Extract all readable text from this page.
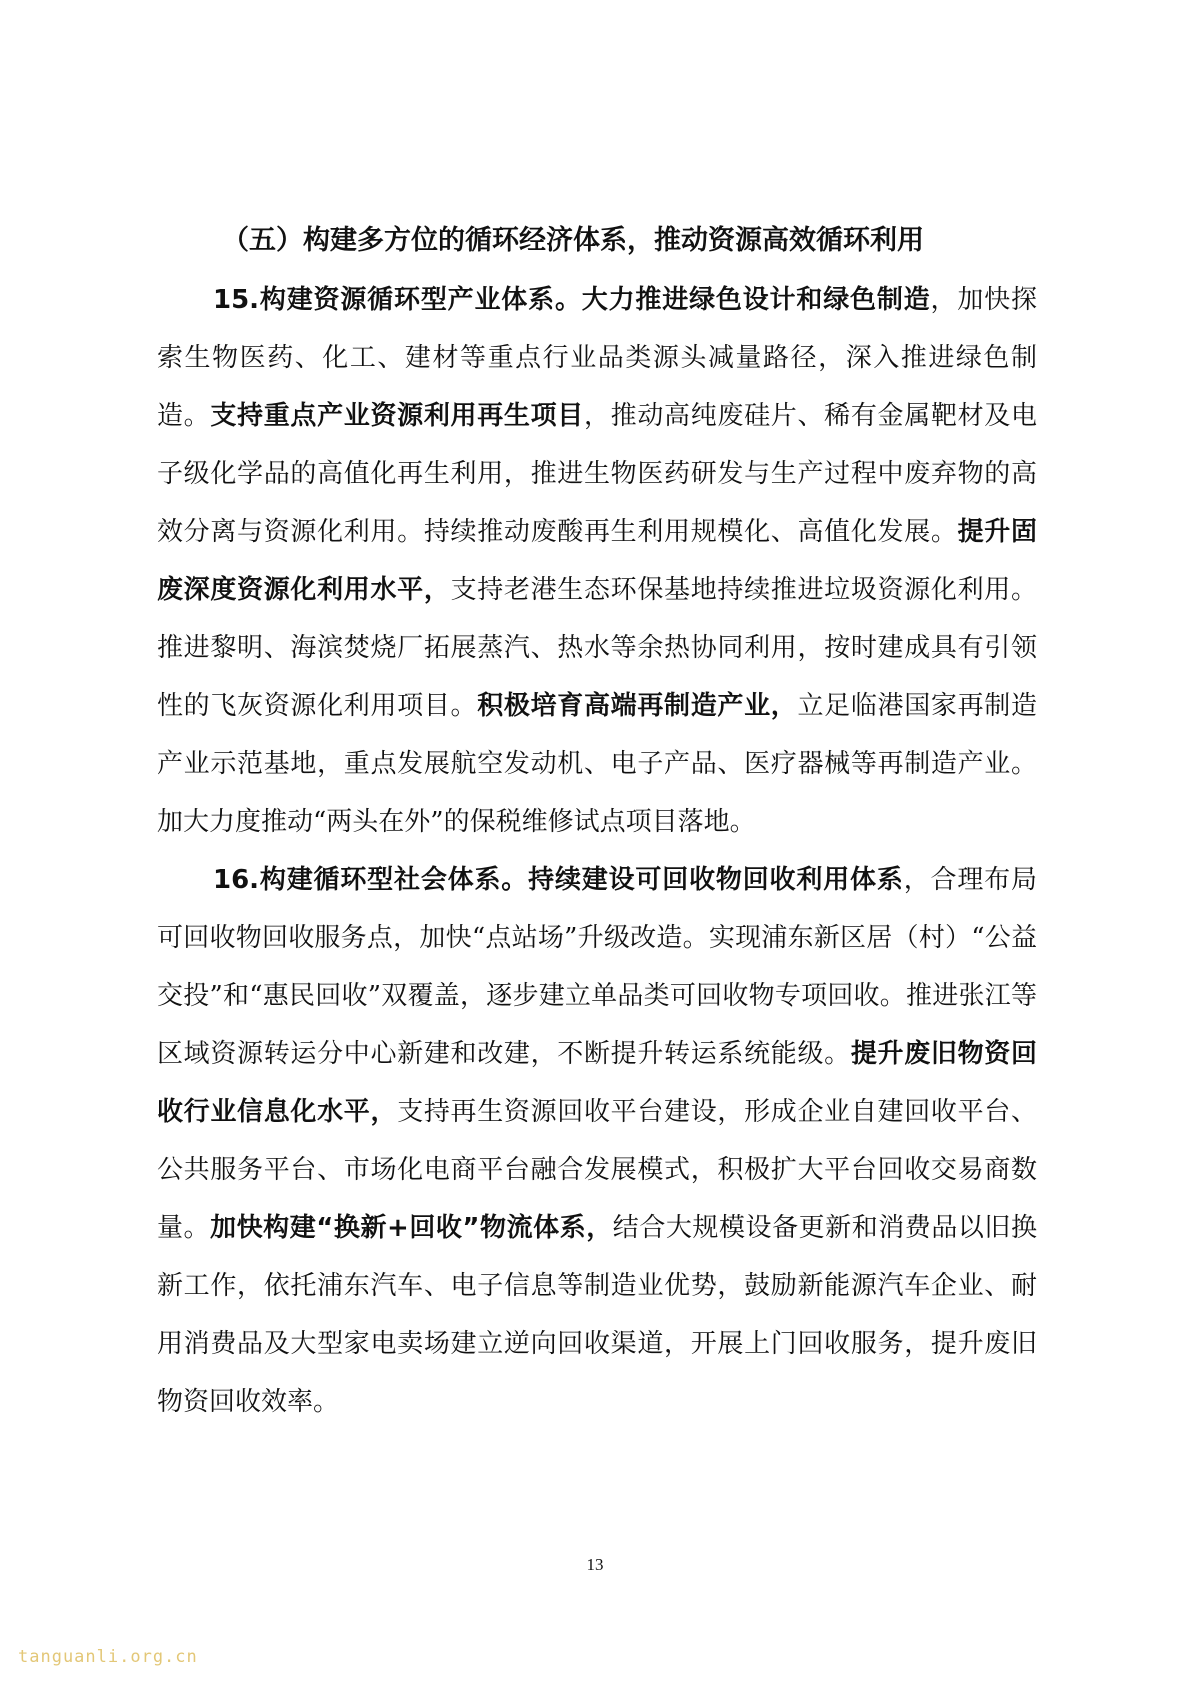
（五）构建多方位的循环经济体系，推动资源高效循环利用

15.构建资源循环型产业体系。大力推进绿色设计和绿色制造，加快探索生物医药、化工、建材等重点行业品类源头减量路径，深入推进绿色制造。支持重点产业资源利用再生项目，推动高纯废硅片、稀有金属靶材及电子级化学品的高值化再生利用，推进生物医药研发与生产过程中废弃物的高效分离与资源化利用。持续推动废酸再生利用规模化、高值化发展。提升固废深度资源化利用水平，支持老港生态环保基地持续推进垃圾资源化利用。推进黎明、海滨焚烧厂拓展蒸汽、热水等余热协同利用，按时建成具有引领性的飞灰资源化利用项目。积极培育高端再制造产业，立足临港国家再制造产业示范基地，重点发展航空发动机、电子产品、医疗器械等再制造产业。加大力度推动“两头在外”的保税维修试点项目落地。

16.构建循环型社会体系。持续建设可回收物回收利用体系，合理布局可回收物回收服务点，加快“点站场”升级改造。实现浦东新区居（村）“公益交投”和“惠民回收”双覆盖，逐步建立单品类可回收物专项回收。推进张江等区域资源转运分中心新建和改建，不断提升转运系统能级。提升废旧物资回收行业信息化水平，支持再生资源回收平台建设，形成企业自建回收平台、公共服务平台、市场化电商平台融合发展模式，积极扩大平台回收交易商数量。加快构建“换新+回收”物流体系，结合大规模设备更新和消费品以旧换新工作，依托浦东汽车、电子信息等制造业优势，鼓励新能源汽车企业、耐用消费品及大型家电卖场建立逆向回收渠道，开展上门回收服务，提升废旧物资回收效率。

13
tanguanli.org.cn
